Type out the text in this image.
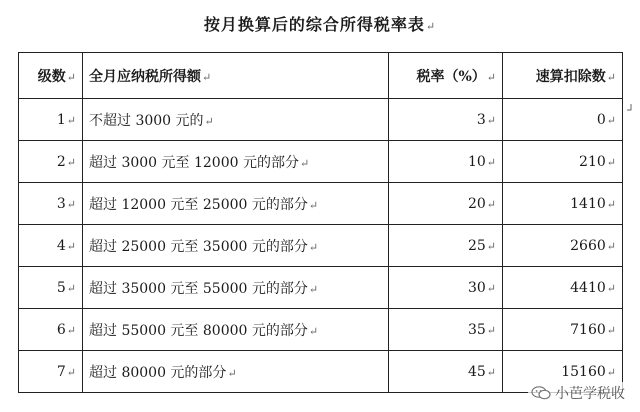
按月换算后的综合所得税率表↵
级数↵	全月应纳税所得额↵	税率（%）↵	速算扣除数↵
1↵	不超过 3000 元的↵	3↵	0↵
2↵	超过 3000 元至 12000 元的部分↵	10↵	210↵
3↵	超过 12000 元至 25000 元的部分↵	20↵	1410↵
4↵	超过 25000 元至 35000 元的部分↵	25↵	2660↵
5↵	超过 35000 元至 55000 元的部分↵	30↵	4410↵
6↵	超过 55000 元至 80000 元的部分↵	35↵	7160↵
7↵	超过 80000 元的部分↵	45↵	15160↵
小芭学税收
